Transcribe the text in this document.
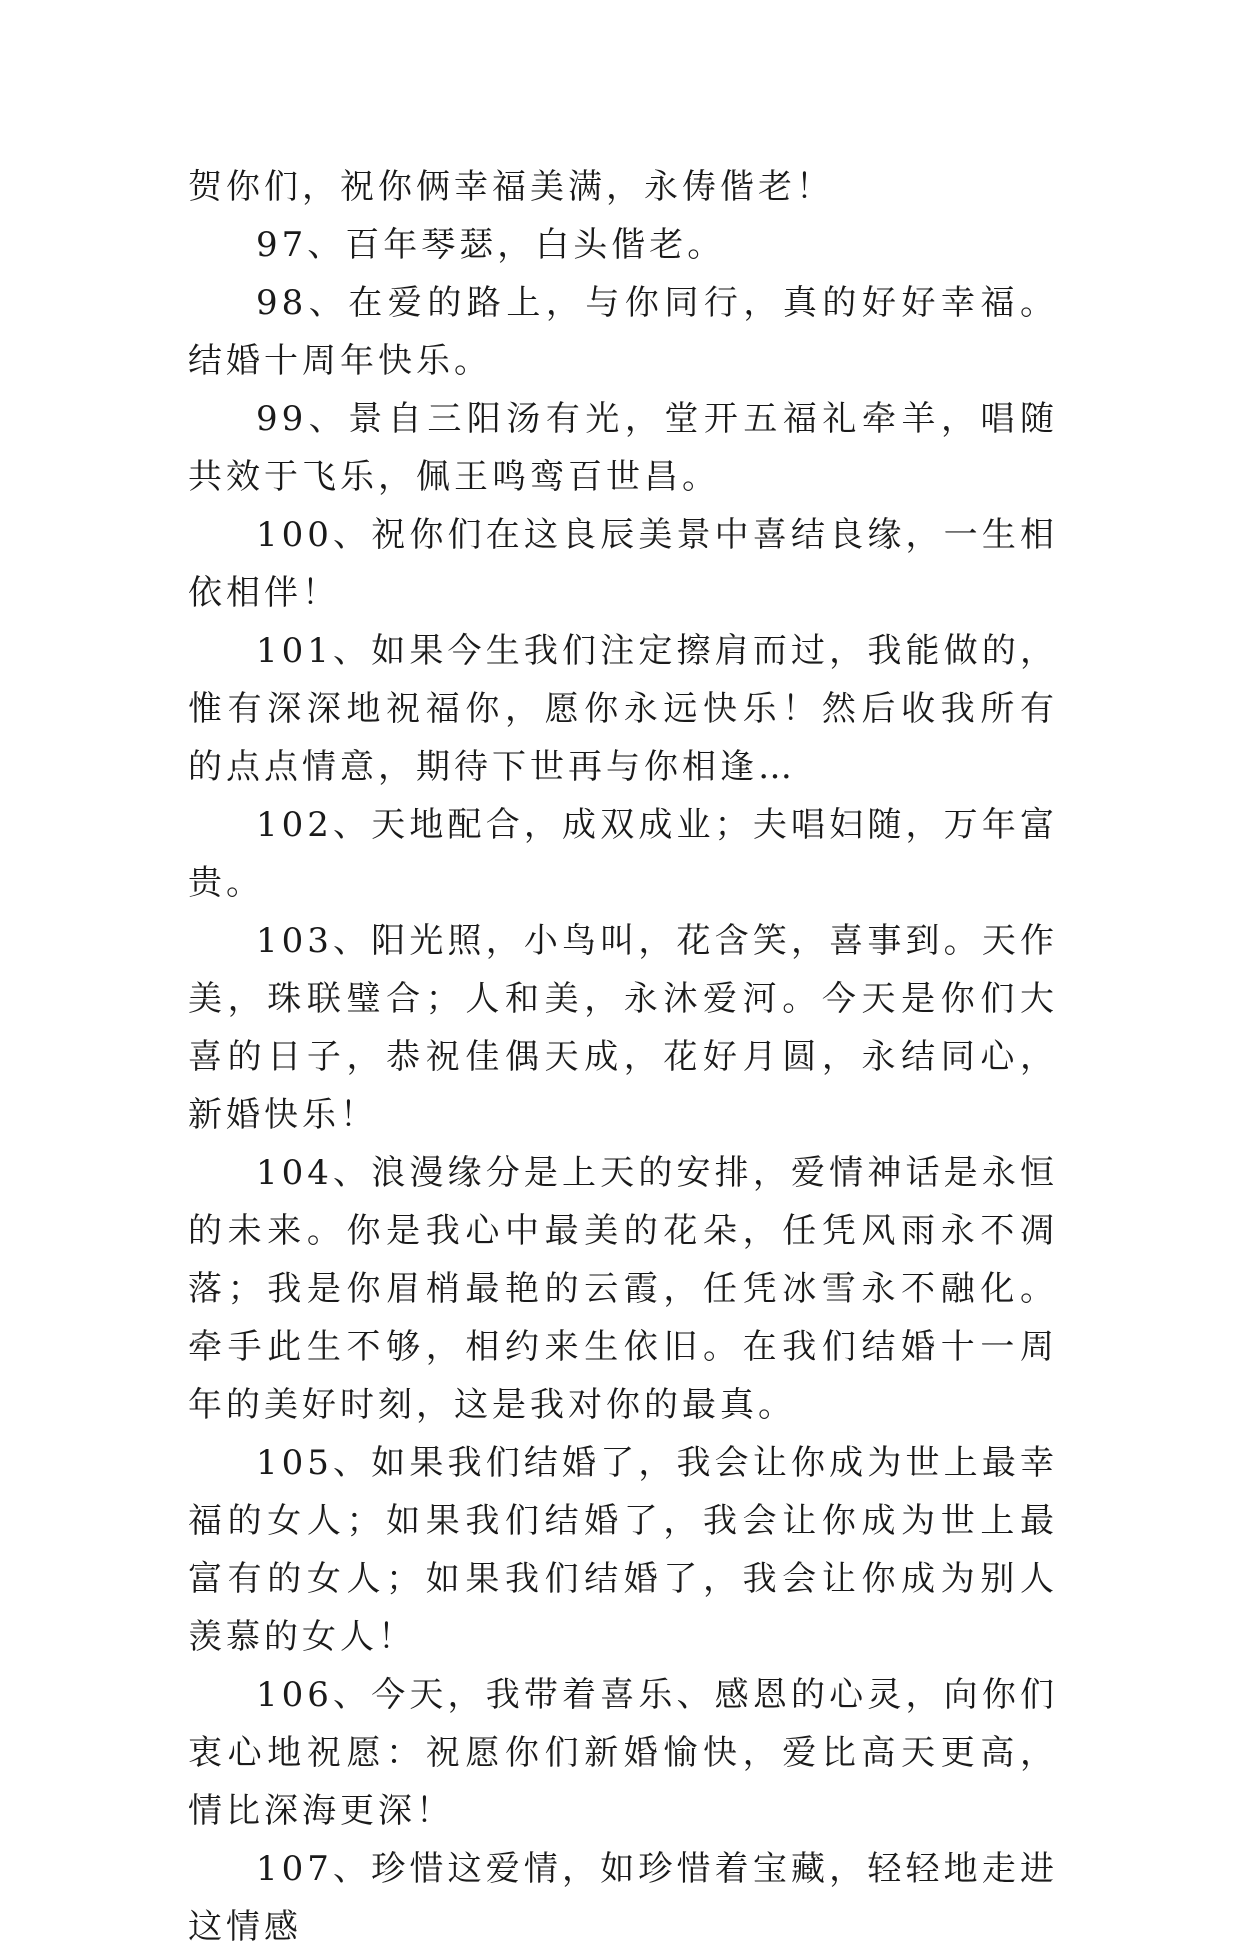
贺你们，祝你俩幸福美满，永俦偕老！

97、百年琴瑟，白头偕老。

98、在爱的路上，与你同行，真的好好幸福。结婚十周年快乐。

99、景自三阳汤有光，堂开五福礼牵羊，唱随共效于飞乐，佩王鸣鸾百世昌。

100、祝你们在这良辰美景中喜结良缘，一生相依相伴！

101、如果今生我们注定擦肩而过，我能做的，惟有深深地祝福你，愿你永远快乐！然后收我所有的点点情意，期待下世再与你相逢…

102、天地配合，成双成业；夫唱妇随，万年富贵。

103、阳光照，小鸟叫，花含笑，喜事到。天作美，珠联璧合；人和美，永沐爱河。今天是你们大喜的日子，恭祝佳偶天成，花好月圆，永结同心，新婚快乐！

104、浪漫缘分是上天的安排，爱情神话是永恒的未来。你是我心中最美的花朵，任凭风雨永不凋落；我是你眉梢最艳的云霞，任凭冰雪永不融化。牵手此生不够，相约来生依旧。在我们结婚十一周年的美好时刻，这是我对你的最真。

105、如果我们结婚了，我会让你成为世上最幸福的女人；如果我们结婚了，我会让你成为世上最富有的女人；如果我们结婚了，我会让你成为别人羡慕的女人！

106、今天，我带着喜乐、感恩的心灵，向你们衷心地祝愿：祝愿你们新婚愉快，爱比高天更高，情比深海更深！

107、珍惜这爱情，如珍惜着宝藏，轻轻地走进这情感
